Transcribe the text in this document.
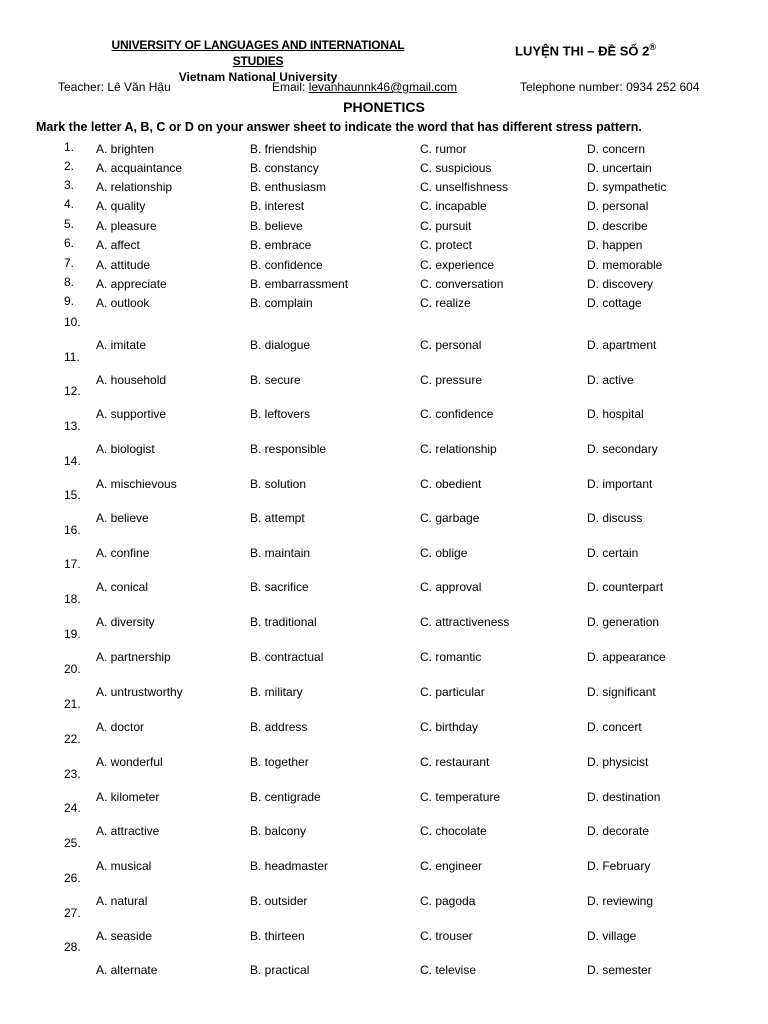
UNIVERSITY OF LANGUAGES AND INTERNATIONAL STUDIES
Vietnam National University
LUYỆN THI – ĐỀ SỐ 2®
Teacher: Lê Văn Hậu	Email: levanhaunnk46@gmail.com	Telephone number: 0934 252 604
PHONETICS
Mark the letter A, B, C or D on your answer sheet to indicate the word that has different stress pattern.
1. A. brighten	B. friendship	C. rumor	D. concern
2. A. acquaintance	B. constancy	C. suspicious	D. uncertain
3. A. relationship	B. enthusiasm	C. unselfishness	D. sympathetic
4. A. quality	B. interest	C. incapable	D. personal
5. A. pleasure	B. believe	C. pursuit	D. describe
6. A. affect	B. embrace	C. protect	D. happen
7. A. attitude	B. confidence	C. experience	D. memorable
8. A. appreciate	B. embarrassment	C. conversation	D. discovery
9. A. outlook	B. complain	C. realize	D. cottage
10.
A. imitate	B. dialogue	C. personal	D. apartment
11.
A. household	B. secure	C. pressure	D. active
12.
A. supportive	B. leftovers	C. confidence	D. hospital
13.
A. biologist	B. responsible	C. relationship	D. secondary
14.
A. mischievous	B. solution	C. obedient	D. important
15.
A. believe	B. attempt	C. garbage	D. discuss
16.
A. confine	B. maintain	C. oblige	D. certain
17.
A. conical	B. sacrifice	C. approval	D. counterpart
18.
A. diversity	B. traditional	C. attractiveness	D. generation
19.
A. partnership	B. contractual	C. romantic	D. appearance
20.
A. untrustworthy	B. military	C. particular	D. significant
21.
A. doctor	B. address	C. birthday	D. concert
22.
A. wonderful	B. together	C. restaurant	D. physicist
23.
A. kilometer	B. centigrade	C. temperature	D. destination
24.
A. attractive	B. balcony	C. chocolate	D. decorate
25.
A. musical	B. headmaster	C. engineer	D. February
26.
A. natural	B. outsider	C. pagoda	D. reviewing
27.
A. seaside	B. thirteen	C. trouser	D. village
28.
A. alternate	B. practical	C. televise	D. semester
